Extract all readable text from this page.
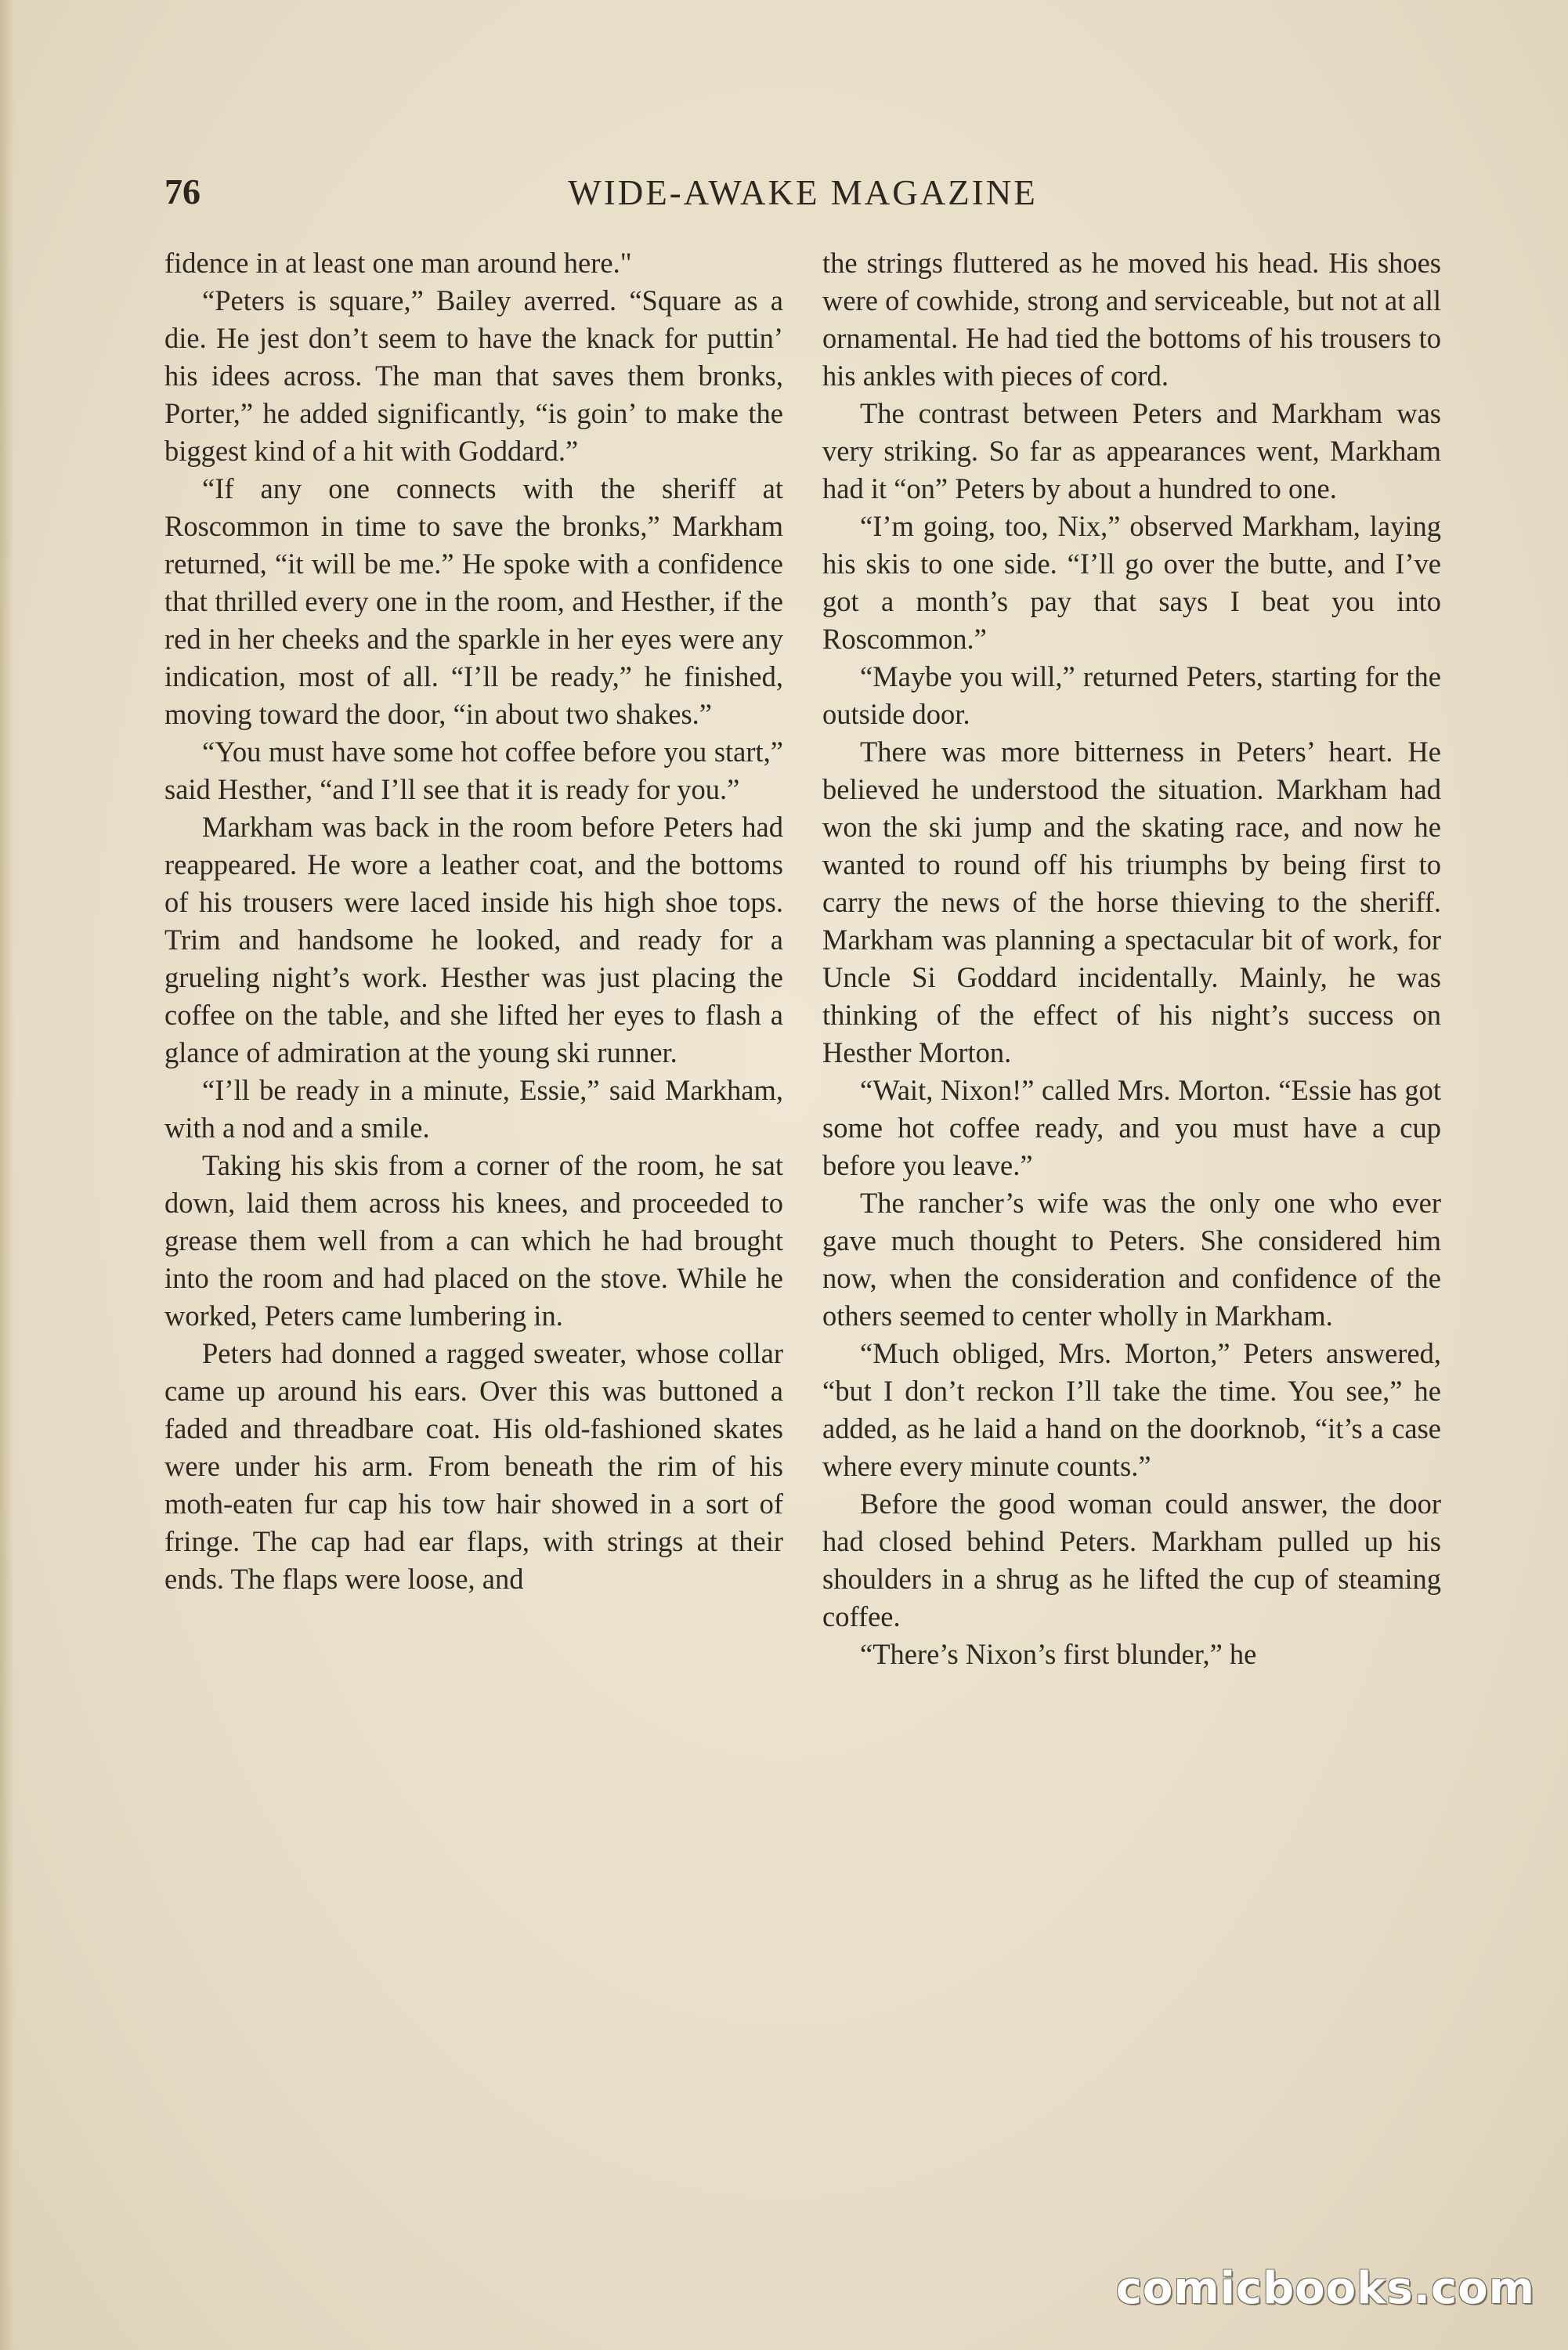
76	WIDE-AWAKE MAGAZINE

fidence in at least one man around here."

“Peters is square,” Bailey averred. “Square as a die. He jest don’t seem to have the knack for puttin’ his idees across. The man that saves them bronks, Porter,” he added significantly, “is goin’ to make the biggest kind of a hit with Goddard.”

“If any one connects with the sheriff at Roscommon in time to save the bronks,” Markham returned, “it will be me.” He spoke with a confidence that thrilled every one in the room, and Hesther, if the red in her cheeks and the sparkle in her eyes were any indication, most of all. “I’ll be ready,” he finished, moving toward the door, “in about two shakes.”

“You must have some hot coffee before you start,” said Hesther, “and I’ll see that it is ready for you.”

Markham was back in the room before Peters had reappeared. He wore a leather coat, and the bottoms of his trousers were laced inside his high shoe tops. Trim and handsome he looked, and ready for a grueling night’s work. Hesther was just placing the coffee on the table, and she lifted her eyes to flash a glance of admiration at the young ski runner.

“I’ll be ready in a minute, Essie,” said Markham, with a nod and a smile.

Taking his skis from a corner of the room, he sat down, laid them across his knees, and proceeded to grease them well from a can which he had brought into the room and had placed on the stove. While he worked, Peters came lumbering in.

Peters had donned a ragged sweater, whose collar came up around his ears. Over this was buttoned a faded and threadbare coat. His old-fashioned skates were under his arm. From beneath the rim of his moth-eaten fur cap his tow hair showed in a sort of fringe. The cap had ear flaps, with strings at their ends. The flaps were loose, and

the strings fluttered as he moved his head. His shoes were of cowhide, strong and serviceable, but not at all ornamental. He had tied the bottoms of his trousers to his ankles with pieces of cord.

The contrast between Peters and Markham was very striking. So far as appearances went, Markham had it “on” Peters by about a hundred to one.

“I’m going, too, Nix,” observed Markham, laying his skis to one side. “I’ll go over the butte, and I’ve got a month’s pay that says I beat you into Roscommon.”

“Maybe you will,” returned Peters, starting for the outside door.

There was more bitterness in Peters’ heart. He believed he understood the situation. Markham had won the ski jump and the skating race, and now he wanted to round off his triumphs by being first to carry the news of the horse thieving to the sheriff. Markham was planning a spectacular bit of work, for Uncle Si Goddard incidentally. Mainly, he was thinking of the effect of his night’s success on Hesther Morton.

“Wait, Nixon!” called Mrs. Morton. “Essie has got some hot coffee ready, and you must have a cup before you leave.”

The rancher’s wife was the only one who ever gave much thought to Peters. She considered him now, when the consideration and confidence of the others seemed to center wholly in Markham.

“Much obliged, Mrs. Morton,” Peters answered, “but I don’t reckon I’ll take the time. You see,” he added, as he laid a hand on the doorknob, “it’s a case where every minute counts.”

Before the good woman could answer, the door had closed behind Peters. Markham pulled up his shoulders in a shrug as he lifted the cup of steaming coffee.

“There’s Nixon’s first blunder,” he

comicbooks.com
